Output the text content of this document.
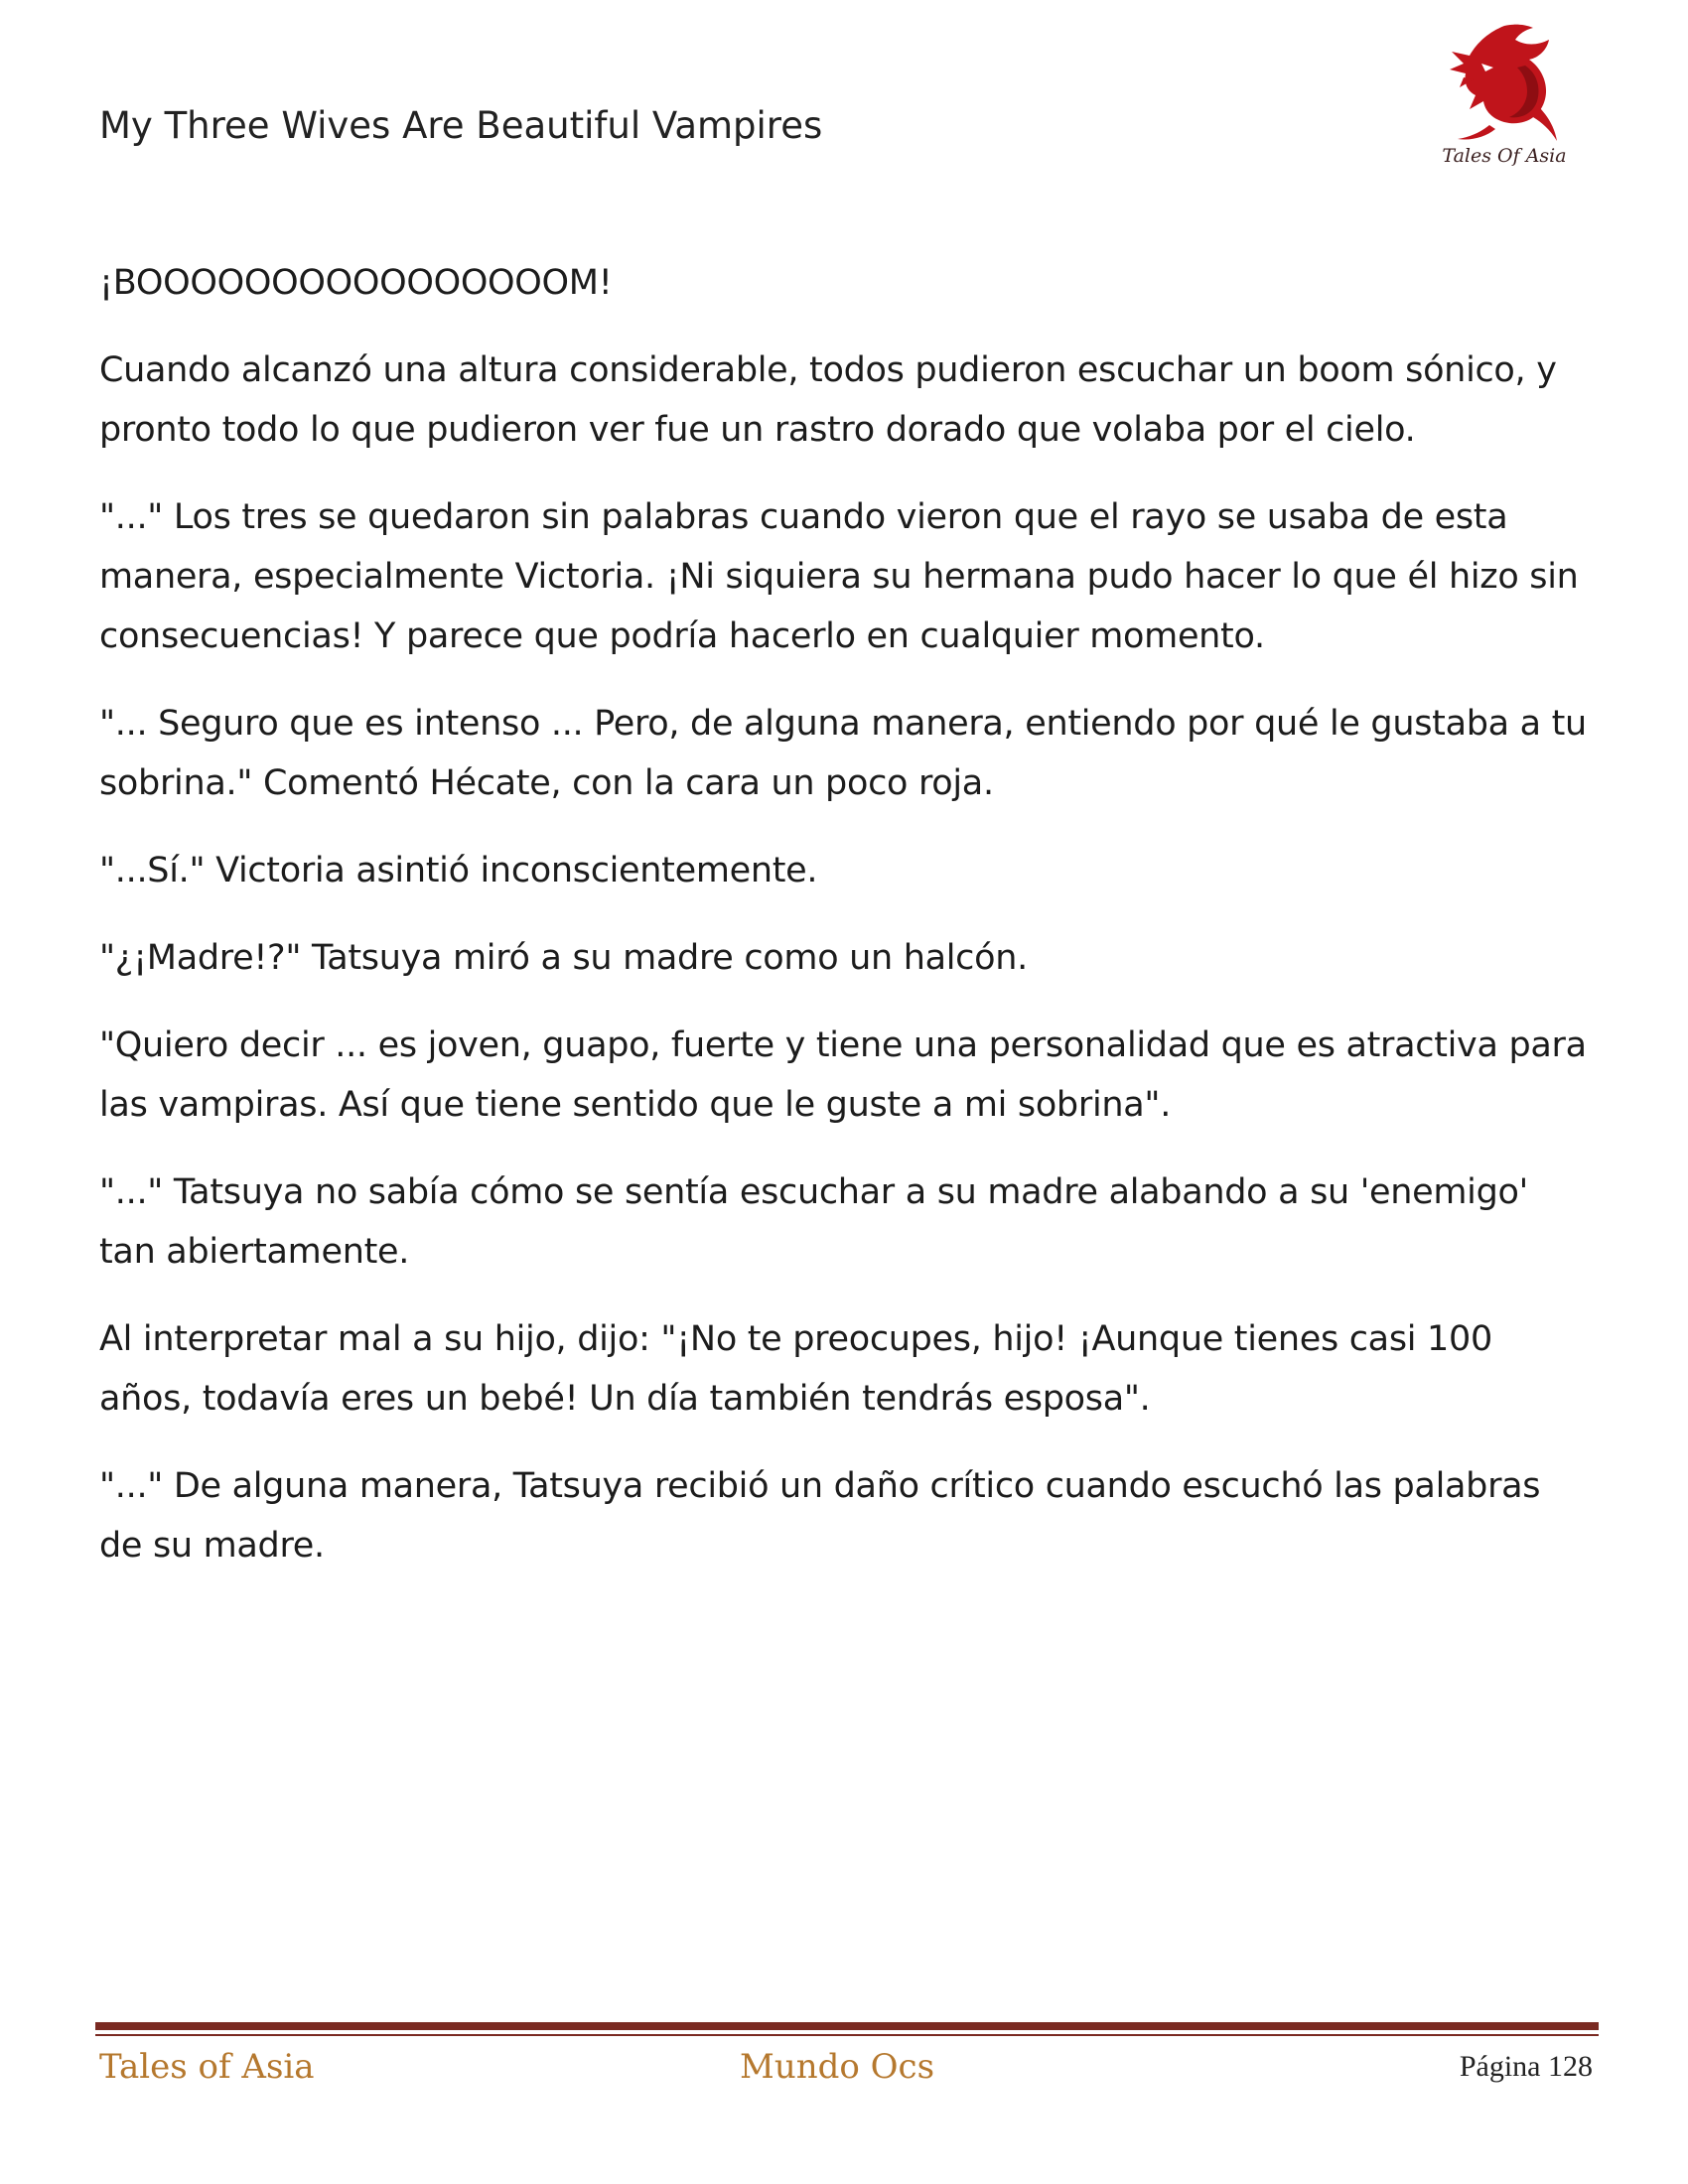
My Three Wives Are Beautiful Vampires
Tales Of Asia

¡BOOOOOOOOOOOOOOOOM!

Cuando alcanzó una altura considerable, todos pudieron escuchar un boom sónico, y pronto todo lo que pudieron ver fue un rastro dorado que volaba por el cielo.

"..." Los tres se quedaron sin palabras cuando vieron que el rayo se usaba de esta manera, especialmente Victoria. ¡Ni siquiera su hermana pudo hacer lo que él hizo sin consecuencias! Y parece que podría hacerlo en cualquier momento.

"... Seguro que es intenso ... Pero, de alguna manera, entiendo por qué le gustaba a tu sobrina." Comentó Hécate, con la cara un poco roja.

"...Sí." Victoria asintió inconscientemente.

"¿¡Madre!?" Tatsuya miró a su madre como un halcón.

"Quiero decir ... es joven, guapo, fuerte y tiene una personalidad que es atractiva para las vampiras. Así que tiene sentido que le guste a mi sobrina".

"..." Tatsuya no sabía cómo se sentía escuchar a su madre alabando a su 'enemigo' tan abiertamente.

Al interpretar mal a su hijo, dijo: "¡No te preocupes, hijo! ¡Aunque tienes casi 100 años, todavía eres un bebé! Un día también tendrás esposa".

"..." De alguna manera, Tatsuya recibió un daño crítico cuando escuchó las palabras de su madre.

Tales of Asia	Mundo Ocs	Página 128
